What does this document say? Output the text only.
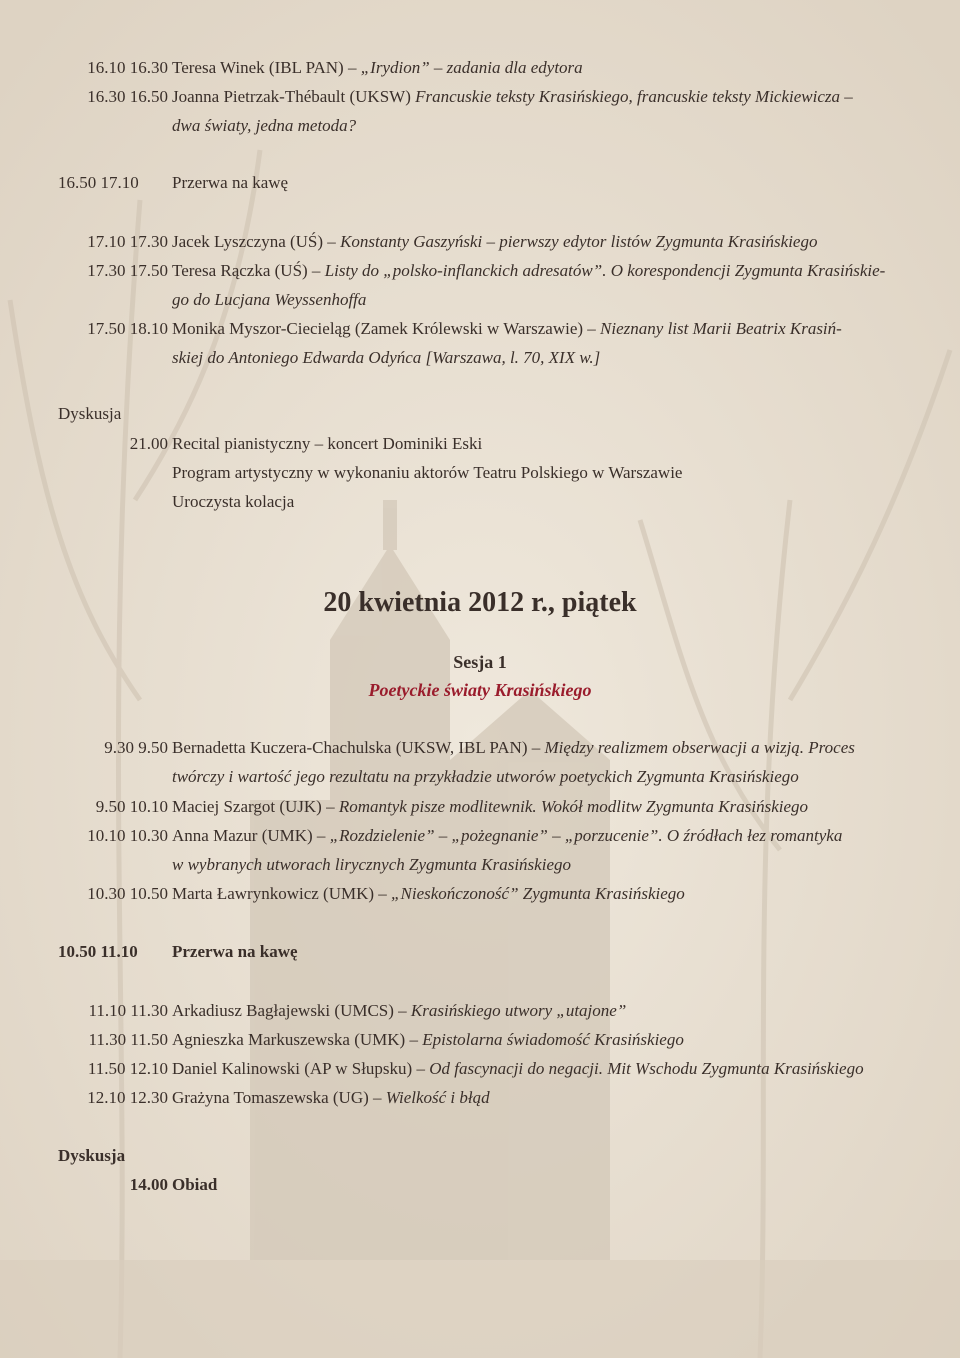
16.10 16.30 Teresa Winek (IBL PAN) – „Irydion” – zadania dla edytora
16.30 16.50 Joanna Pietrzak-Thébault (UKSW) Francuskie teksty Krasińskiego, francuskie teksty Mickiewicza –
dwa światy, jedna metoda?
16.50 17.10	Przerwa na kawę
17.10 17.30 Jacek Lyszczyna (UŚ) – Konstanty Gaszyński – pierwszy edytor listów Zygmunta Krasińskiego
17.30 17.50 Teresa Rączka (UŚ) – Listy do „polsko-inflanckich adresatów”. O korespondencji Zygmunta Krasińskie-
go do Lucjana Weyssenhoffa
17.50 18.10 Monika Myszor-Ciecieląg (Zamek Królewski w Warszawie) – Nieznany list Marii Beatrix Krasiń-
skiej do Antoniego Edwarda Odyńca [Warszawa, l. 70, XIX w.]
Dyskusja
21.00 Recital pianistyczny – koncert Dominiki Eski
Program artystyczny w wykonaniu aktorów Teatru Polskiego w Warszawie
Uroczysta kolacja
20 kwietnia 2012 r., piątek
Sesja 1
Poetyckie światy Krasińskiego
9.30 9.50 Bernadetta Kuczera-Chachulska (UKSW, IBL PAN) – Między realizmem obserwacji a wizją. Proces
twórczy i wartość jego rezultatu na przykładzie utworów poetyckich Zygmunta Krasińskiego
9.50 10.10 Maciej Szargot (UJK) – Romantyk pisze modlitewnik. Wokół modlitw Zygmunta Krasińskiego
10.10 10.30 Anna Mazur (UMK) – „Rozdzielenie” – „pożegnanie” – „porzucenie”. O źródłach łez romantyka
w wybranych utworach lirycznych Zygmunta Krasińskiego
10.30 10.50 Marta Ławrynkowicz (UMK) – „Nieskończoność” Zygmunta Krasińskiego
10.50 11.10	Przerwa na kawę
11.10 11.30 Arkadiusz Bagłajewski (UMCS) – Krasińskiego utwory „utajone”
11.30 11.50 Agnieszka Markuszewska (UMK) – Epistolarna świadomość Krasińskiego
11.50 12.10 Daniel Kalinowski (AP w Słupsku) – Od fascynacji do negacji. Mit Wschodu Zygmunta Krasińskiego
12.10 12.30 Grażyna Tomaszewska (UG) – Wielkość i błąd
Dyskusja
14.00 Obiad
